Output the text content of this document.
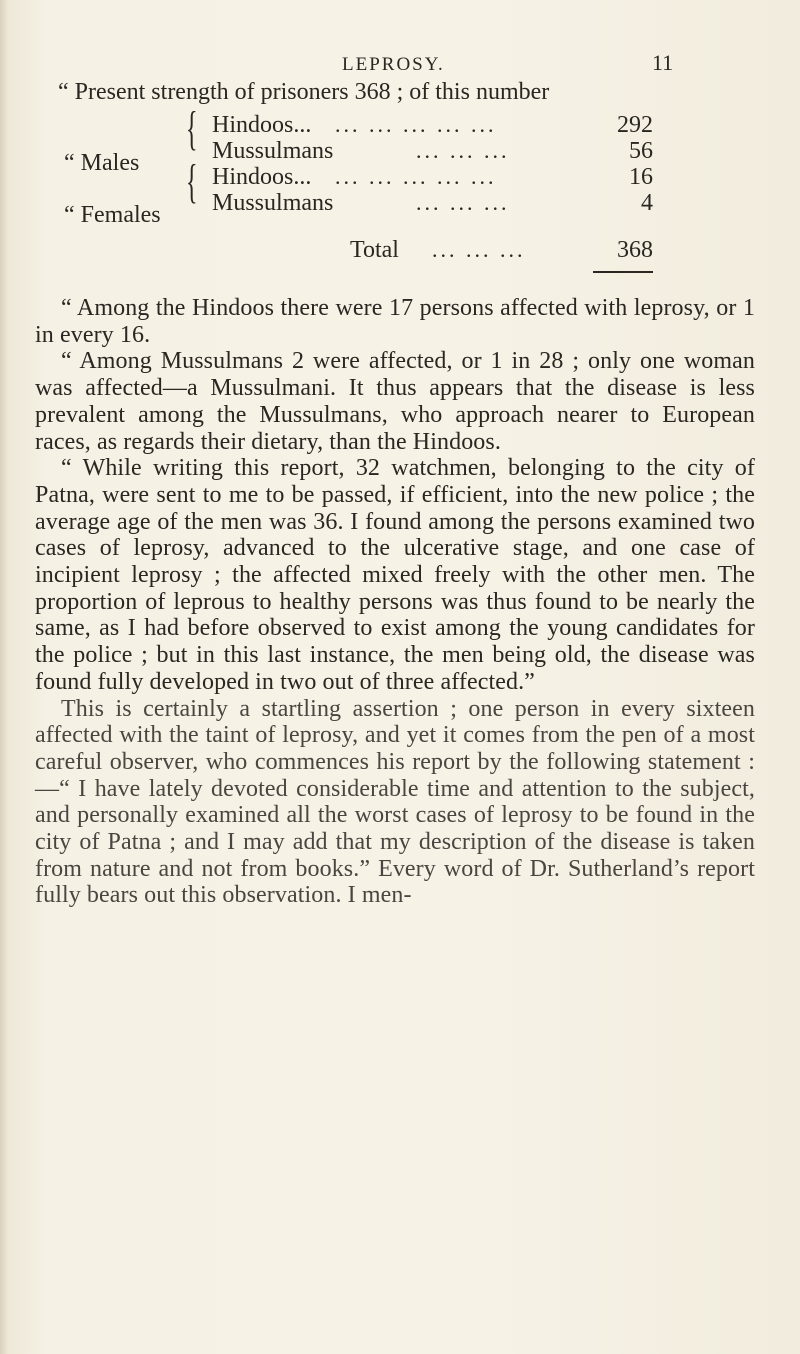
LEPROSY.	11
“ Present strength of prisoners 368 ; of this number
“ Males
{ Hindoos... ... ... ... ... ...	292
Mussulmans	... ... ...	56
“ Females
{ Hindoos... ... ... ... ... ...	16
Mussulmans	... ... ...	4
Total ... ... ...	368

“ Among the Hindoos there were 17 persons affected with leprosy, or 1 in every 16.

“ Among Mussulmans 2 were affected, or 1 in 28 ; only one woman was affected—a Mussulmani. It thus appears that the disease is less prevalent among the Mussulmans, who approach nearer to European races, as regards their dietary, than the Hindoos.

“ While writing this report, 32 watchmen, belonging to the city of Patna, were sent to me to be passed, if efficient, into the new police ; the average age of the men was 36. I found among the persons examined two cases of leprosy, advanced to the ulcerative stage, and one case of incipient leprosy ; the affected mixed freely with the other men. The proportion of leprous to healthy persons was thus found to be nearly the same, as I had before observed to exist among the young candidates for the police ; but in this last instance, the men being old, the disease was found fully developed in two out of three affected.”

This is certainly a startling assertion ; one person in every sixteen affected with the taint of leprosy, and yet it comes from the pen of a most careful observer, who commences his report by the following statement :—“ I have lately devoted considerable time and attention to the subject, and personally examined all the worst cases of leprosy to be found in the city of Patna ; and I may add that my description of the disease is taken from nature and not from books.” Every word of Dr. Sutherland’s report fully bears out this observation. I men-
